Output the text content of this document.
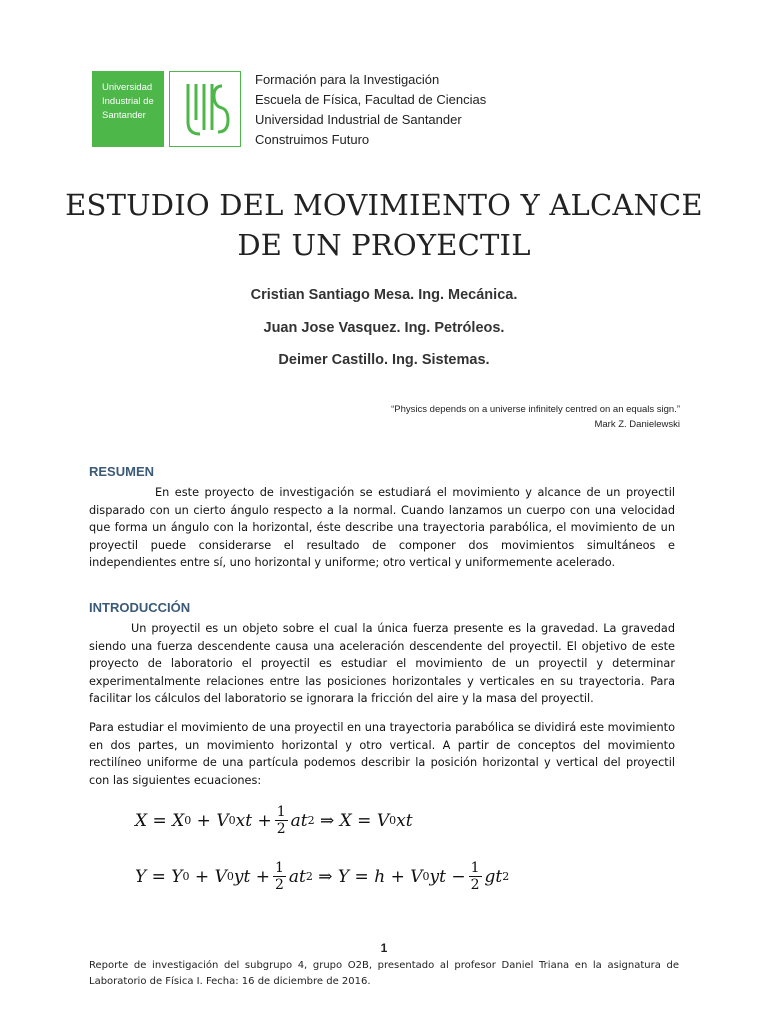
Universidad
Industrial de
Santander
Formación para la Investigación
Escuela de Física, Facultad de Ciencias
Universidad Industrial de Santander
Construimos Futuro
ESTUDIO DEL MOVIMIENTO Y ALCANCE
DE UN PROYECTIL
Cristian Santiago Mesa. Ing. Mecánica.
Juan Jose Vasquez. Ing. Petróleos.
Deimer Castillo. Ing. Sistemas.
“Physics depends on a universe infinitely centred on an equals sign.”
Mark Z. Danielewski
RESUMEN
En este proyecto de investigación se estudiará el movimiento y alcance de un proyectil disparado con un cierto ángulo respecto a la normal. Cuando lanzamos un cuerpo con una velocidad que forma un ángulo con la horizontal, éste describe una trayectoria parabólica, el movimiento de un proyectil puede considerarse el resultado de componer dos movimientos simultáneos e independientes entre sí, uno horizontal y uniforme; otro vertical y uniformemente acelerado.
INTRODUCCIÓN
Un proyectil es un objeto sobre el cual la única fuerza presente es la gravedad. La gravedad siendo una fuerza descendente causa una aceleración descendente del proyectil. El objetivo de este proyecto de laboratorio el proyectil es estudiar el movimiento de un proyectil y determinar experimentalmente relaciones entre las posiciones horizontales y verticales en su trayectoria. Para facilitar los cálculos del laboratorio se ignorara la fricción del aire y la masa del proyectil.
Para estudiar el movimiento de una proyectil en una trayectoria parabólica se dividirá este movimiento en dos partes, un movimiento horizontal y otro vertical. A partir de conceptos del movimiento rectilíneo uniforme de una partícula podemos describir la posición horizontal y vertical del proyectil con las siguientes ecuaciones:
X = X 0 + V 0 xt + $\frac{1}{2}$ at 2 ⇒ X = V 0 xt
Y = Y 0 + V 0 yt + $\frac{1}{2}$ at 2 ⇒ Y = h + V 0 yt − $\frac{1}{2}$ gt 2
1
Reporte de investigación del subgrupo 4, grupo O2B, presentado al profesor Daniel Triana en la asignatura de Laboratorio de Física I. Fecha: 16 de diciembre de 2016.
